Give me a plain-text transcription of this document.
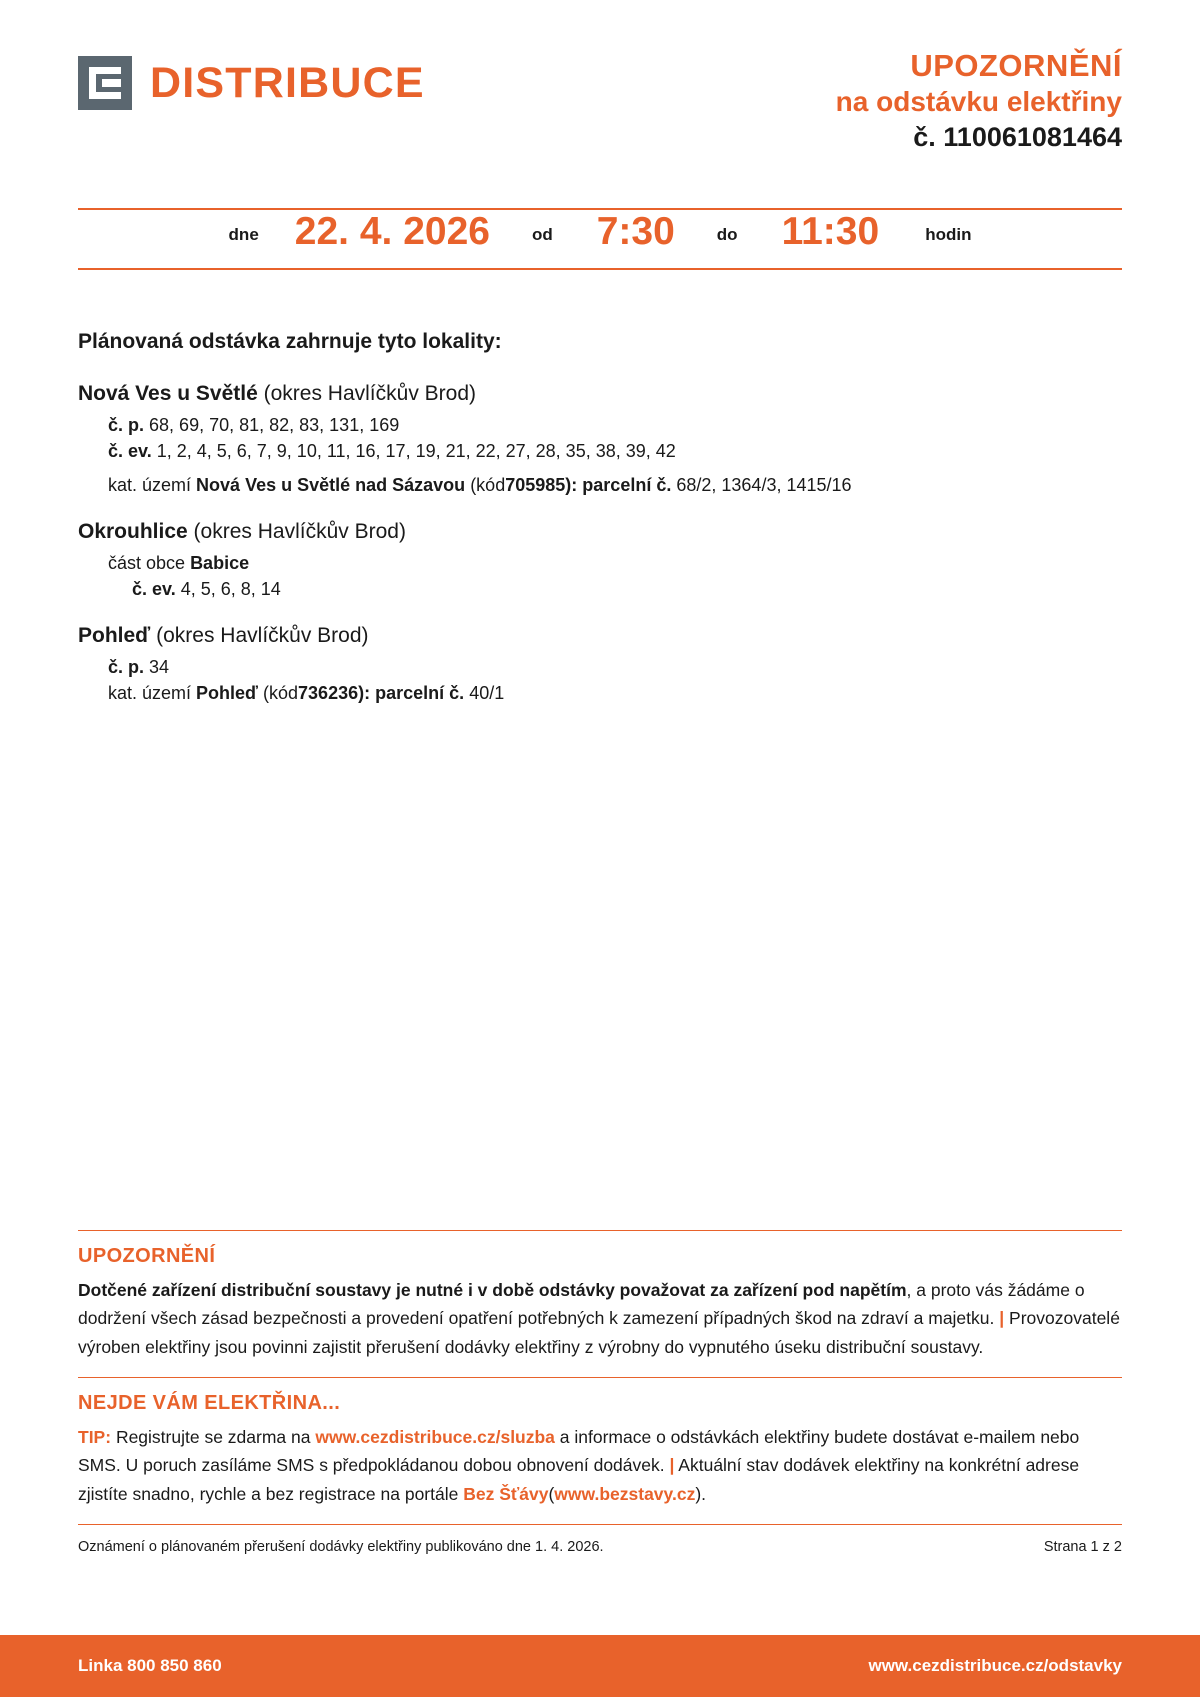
DISTRIBUCE	UPOZORNĚNÍ
na odstávku elektřiny
č. 110061081464
dne 22. 4. 2026 od 7:30 do 11:30	hodin
Plánovaná odstávka zahrnuje tyto lokality:
Nová Ves u Světlé (okres Havlíčkův Brod)
č. p. 68, 69, 70, 81, 82, 83, 131, 169
č. ev. 1, 2, 4, 5, 6, 7, 9, 10, 11, 16, 17, 19, 21, 22, 27, 28, 35, 38, 39, 42
kat. území Nová Ves u Světlé nad Sázavou (kód705985): parcelní č. 68/2, 1364/3, 1415/16
Okrouhlice (okres Havlíčkův Brod)
část obce Babice
č. ev. 4, 5, 6, 8, 14
Pohleď (okres Havlíčkův Brod)
č. p. 34
kat. území Pohleď (kód736236): parcelní č. 40/1
UPOZORNĚNÍ
Dotčené zařízení distribuční soustavy je nutné i v době odstávky považovat za zařízení pod napětím, a proto vás žádáme o dodržení všech zásad bezpečnosti a provedení opatření potřebných k zamezení případných škod na zdraví a majetku. | Provozovatelé výroben elektřiny jsou povinni zajistit přerušení dodávky elektřiny z výrobny do vypnutého úseku distribuční soustavy.
NEJDE VÁM ELEKTŘINA...
TIP: Registrujte se zdarma na www.cezdistribuce.cz/sluzba a informace o odstávkách elektřiny budete dostávat e-mailem nebo SMS. U poruch zasíláme SMS s předpokládanou dobou obnovení dodávek. | Aktuální stav dodávek elektřiny na konkrétní adrese zjistíte snadno, rychle a bez registrace na portále Bez Šťávy(www.bezstavy.cz).
Oznámení o plánovaném přerušení dodávky elektřiny publikováno dne 1. 4. 2026.	Strana 1 z 2
Linka 800 850 860	www.cezdistribuce.cz/odstavky
